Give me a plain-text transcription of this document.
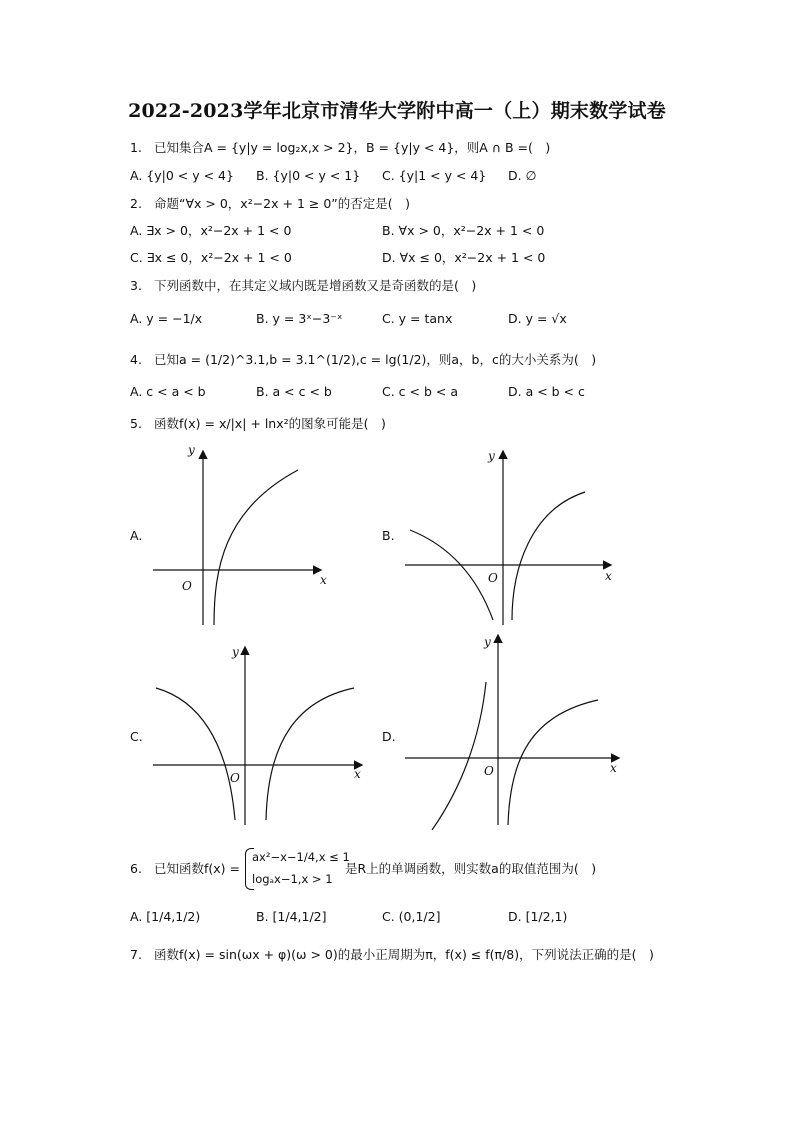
2022-2023学年北京市清华大学附中高一（上）期末数学试卷
1. 已知集合A = {y|y = log₂x,x > 2}，B = {y|y < 4}，则A ∩ B =(　)
A. {y|0 < y < 4} B. {y|0 < y < 1} C. {y|1 < y < 4} D. ∅
2. 命题“∀x > 0，x²−2x + 1 ≥ 0”的否定是(　)
A. ∃x > 0，x²−2x + 1 < 0	B. ∀x > 0，x²−2x + 1 < 0
C. ∃x ≤ 0，x²−2x + 1 < 0	D. ∀x ≤ 0，x²−2x + 1 < 0
3. 下列函数中，在其定义域内既是增函数又是奇函数的是(　)
A. y = −1/x	B. y = 3ˣ−3⁻ˣ	C. y = tanx	D. y = √x
4. 已知a = (1/2)^3.1,b = 3.1^(1/2),c = lg(1/2)，则a，b，c的大小关系为(　)
A. c < a < b	B. a < c < b	C. c < b < a	D. a < b < c
5. 函数f(x) = x/|x| + lnx²的图象可能是(　)
A.	B.
C.	D.
x
y
O
x
y
O
x
y
O
x
y
O
6. 已知函数f(x) =
ax²−x−1/4,x ≤ 1
logₐx−1,x > 1
是R上的单调函数，则实数a的取值范围为(　)
A. [1/4,1/2)	B. [1/4,1/2]	C. (0,1/2]	D. [1/2,1)
7. 函数f(x) = sin(ωx + φ)(ω > 0)的最小正周期为π，f(x) ≤ f(π/8)，下列说法正确的是(　)
